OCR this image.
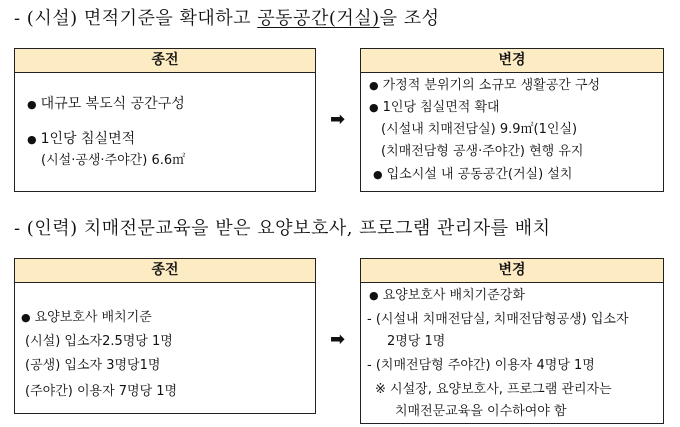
- (시설) 면적기준을 확대하고 공동공간(거실)을 조성
종전
● 대규모 복도식 공간구성
● 1인당 침실면적
(시설·공생·주야간) 6.6㎡
➡
변경
● 가정적 분위기의 소규모 생활공간 구성
● 1인당 침실면적 확대
(시설내 치매전담실) 9.9㎡(1인실)
(치매전담형 공생·주야간) 현행 유지
● 입소시설 내 공동공간(거실) 설치
- (인력) 치매전문교육을 받은 요양보호사, 프로그램 관리자를 배치
종전
● 요양보호사 배치기준
(시설) 입소자2.5명당 1명
(공생) 입소자 3명당1명
(주야간) 이용자 7명당 1명
➡
변경
● 요양보호사 배치기준강화
- (시설내 치매전담실, 치매전담형공생) 입소자
2명당 1명
- (치매전담형 주야간) 이용자 4명당 1명
※ 시설장, 요양보호사, 프로그램 관리자는
치매전문교육을 이수하여야 함
